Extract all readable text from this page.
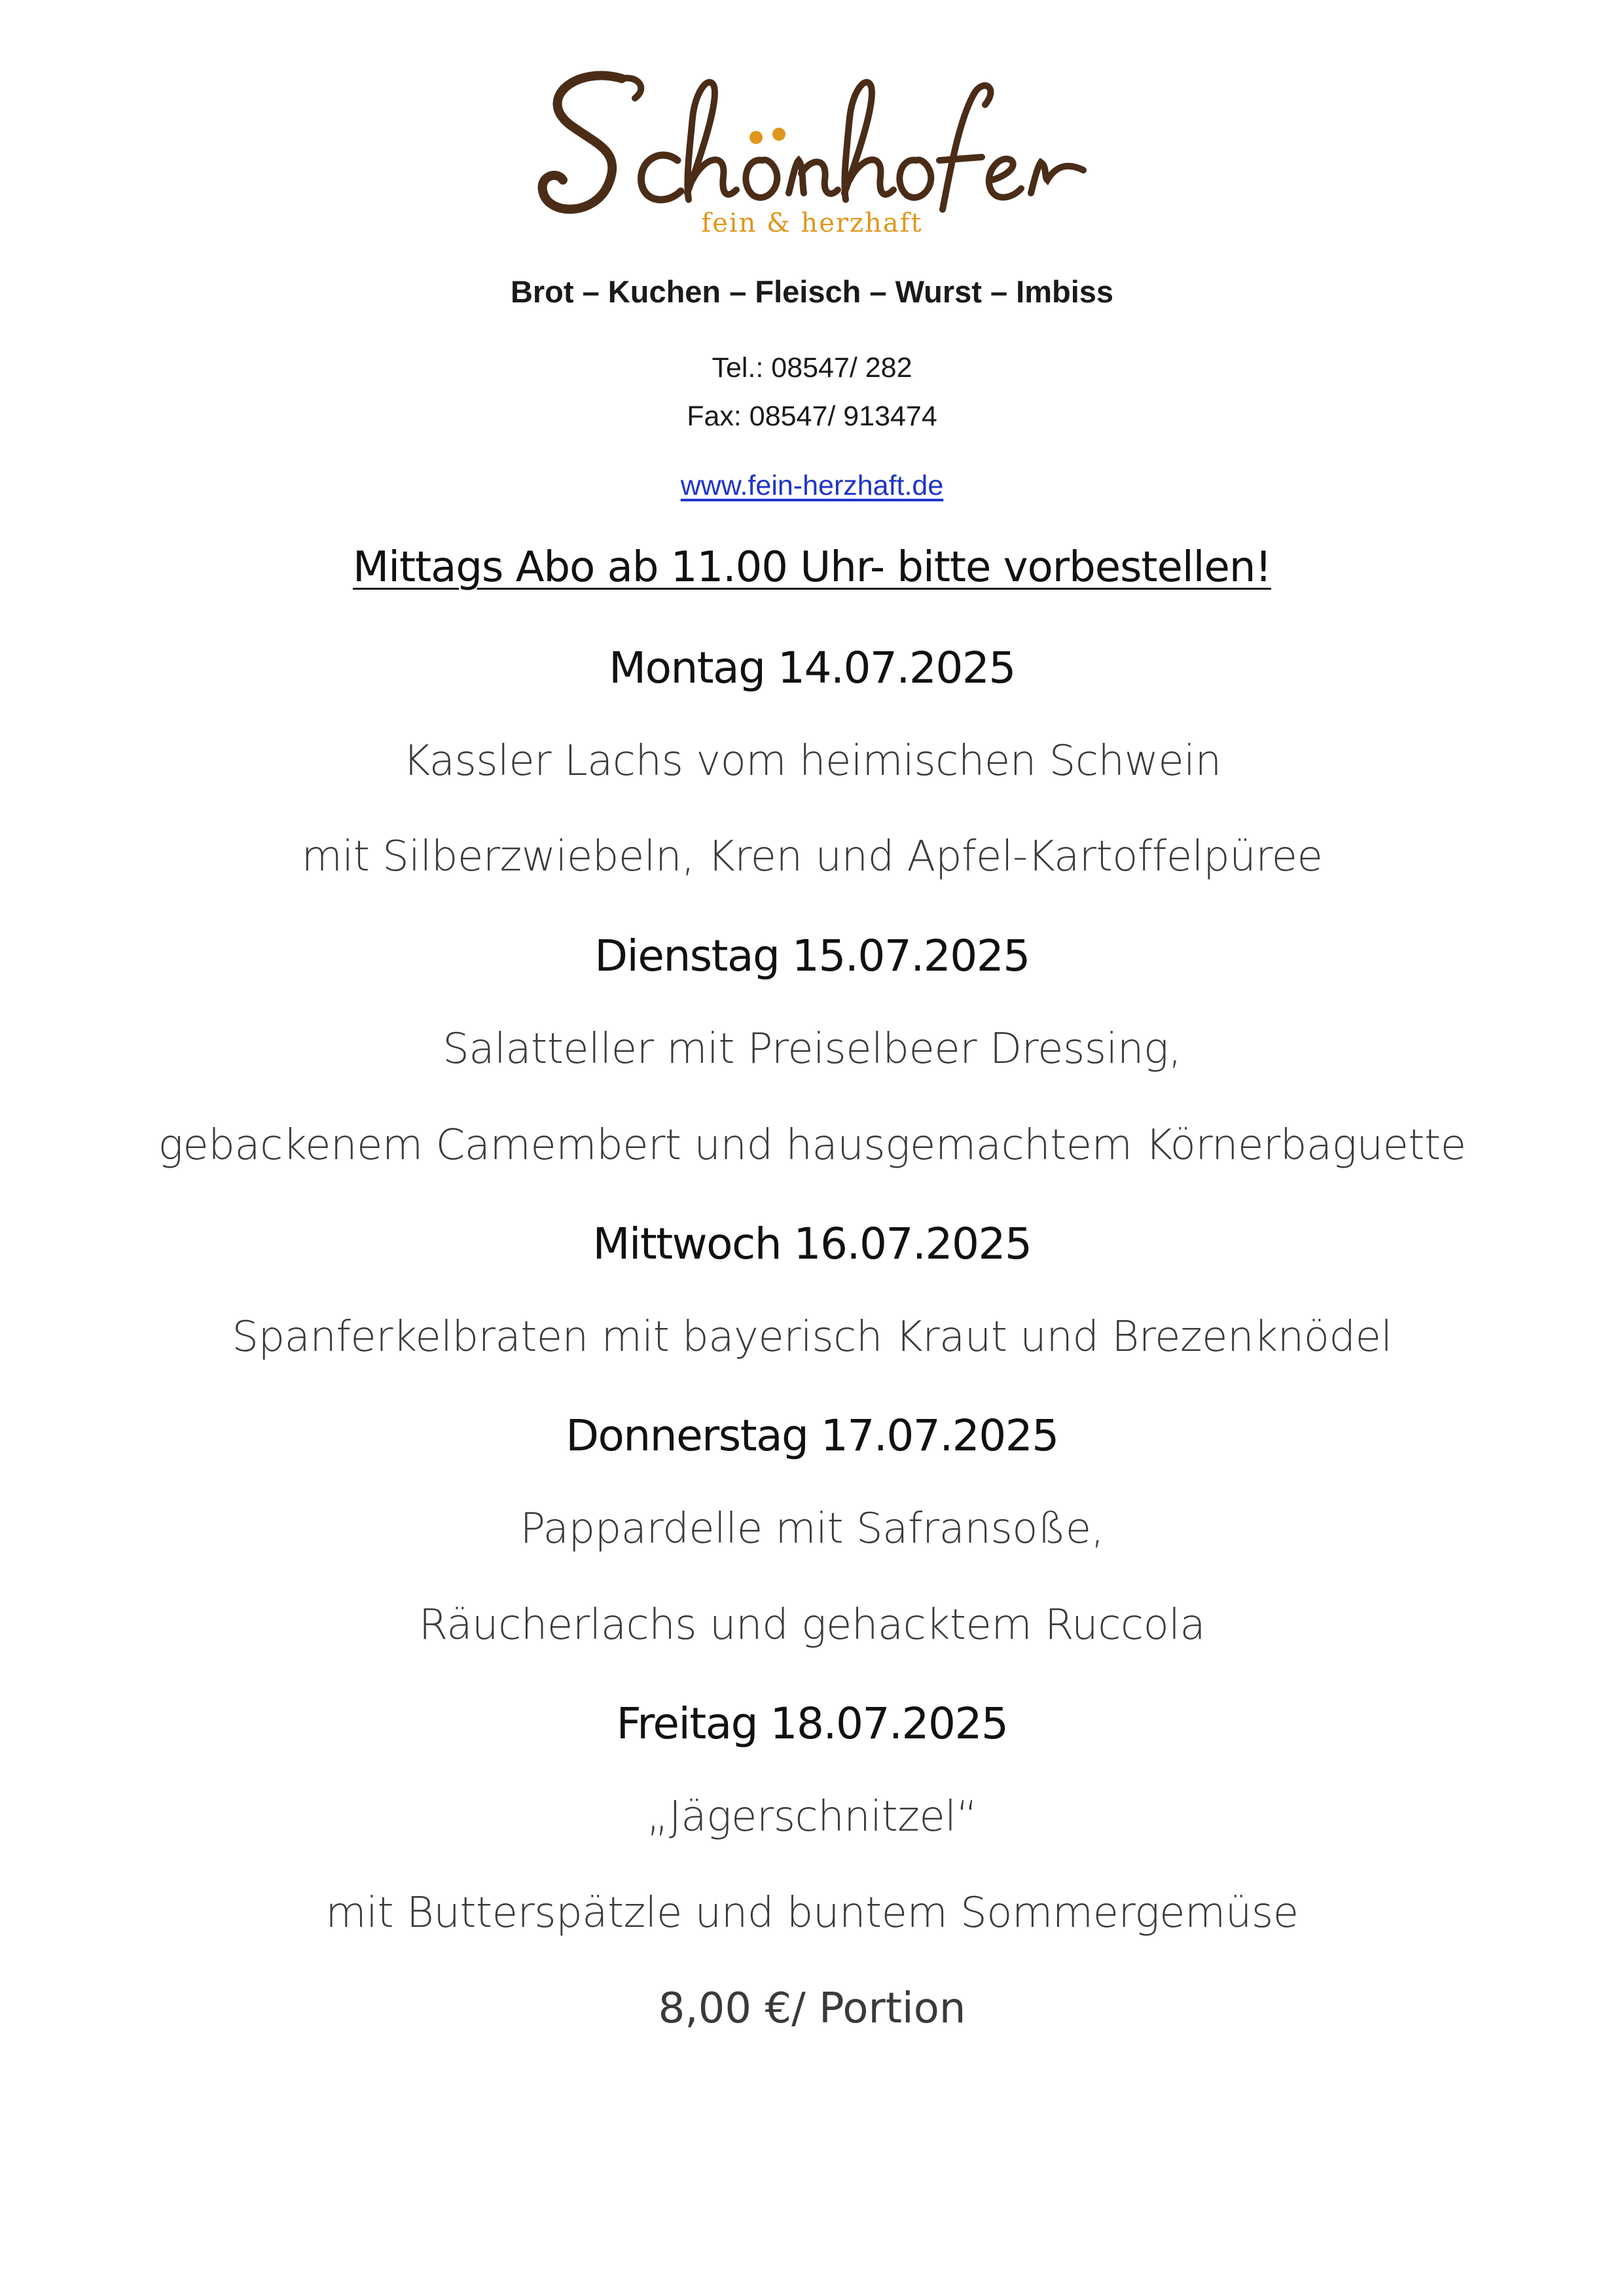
fein & herzhaft
Brot – Kuchen – Fleisch – Wurst – Imbiss
Tel.: 08547/ 282
Fax: 08547/ 913474
www.fein-herzhaft.de
Mittags Abo ab 11.00 Uhr- bitte vorbestellen!
Montag 14.07.2025
Kassler Lachs vom heimischen Schwein
mit Silberzwiebeln, Kren und Apfel-Kartoffelpüree
Dienstag 15.07.2025
Salatteller mit Preiselbeer Dressing,
gebackenem Camembert und hausgemachtem Körnerbaguette
Mittwoch 16.07.2025
Spanferkelbraten mit bayerisch Kraut und Brezenknödel
Donnerstag 17.07.2025
Pappardelle mit Safransoße,
Räucherlachs und gehacktem Ruccola
Freitag 18.07.2025
„Jägerschnitzel“
mit Butterspätzle und buntem Sommergemüse
8,00 €/ Portion
